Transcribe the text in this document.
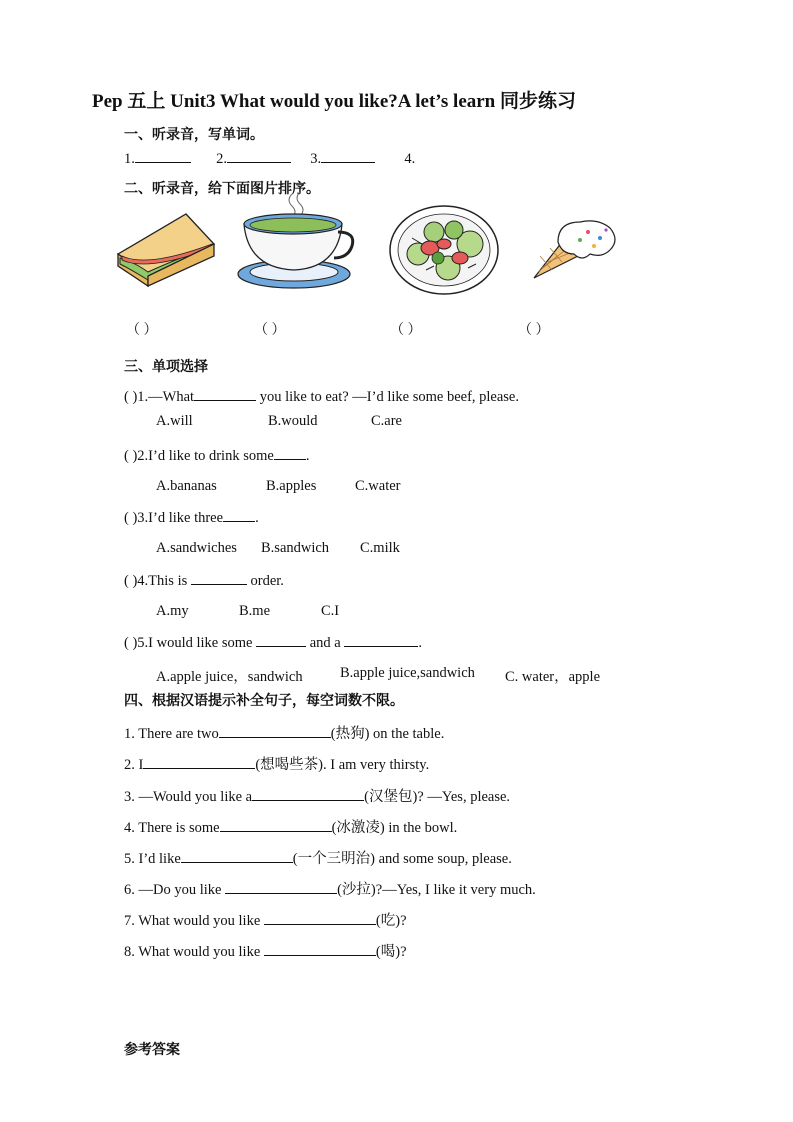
Pep 五上 Unit3 What would you like?A let’s learn 同步练习
一、听录音，写单词。
1.	2.	3.	4.
二、听录音，给下面图片排序。
（ ）	（ ）	（ ）	（ ）
三、单项选择
( )1.—What	you like to eat? —I’d like some beef, please.
A.will	B.would	C.are
( )2.I’d like to drink some .
A.bananas	B.apples	C.water
( )3.I’d like three .
A.sandwiches B.sandwich C.milk
( )4.This is	order.
A.my	B.me	C.I
( )5.I would like some	and a	.
A.apple juice，sandwich	B.apple juice,sandwich C. water，apple
四、根据汉语提示补全句子，每空词数不限。
1. There are two	(热狗) on the table.
2. I	(想喝些茶). I am very thirsty.
3. —Would you like a	(汉堡包)? —Yes, please.
4. There is some	(冰激凌) in the bowl.
5. I’d like	(一个三明治) and some soup, please.
6. —Do you like	(沙拉)?—Yes, I like it very much.
7. What would you like	(吃)?
8. What would you like	(喝)?
参考答案
